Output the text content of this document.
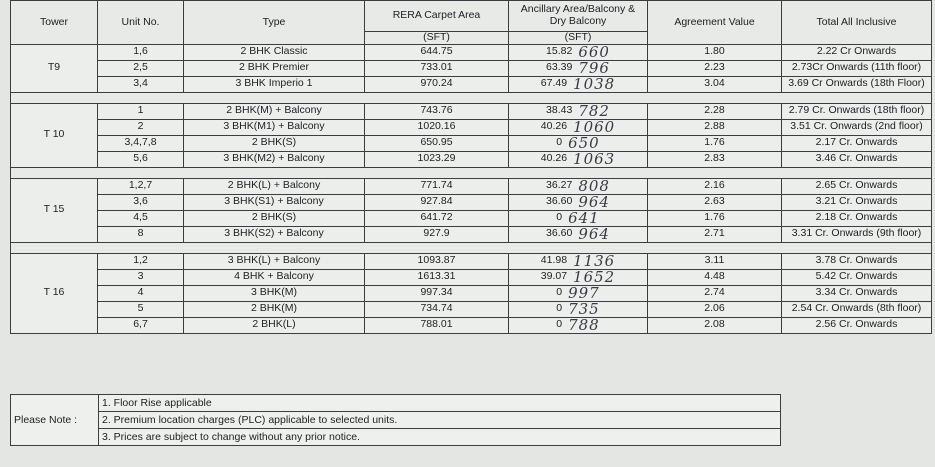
Tower	Unit No.	Type	RERA Carpet Area	Ancillary Area/Balcony & Dry Balcony	Agreement Value	Total All Inclusive
			(SFT)	(SFT)		
T9	1,6	2 BHK Classic	644.75	15.82 660	1.80	2.22 Cr Onwards
	2,5	2 BHK Premier	733.01	63.39 796	2.23	2.73Cr Onwards (11th floor)
	3,4	3 BHK Imperio 1	970.24	67.49 1038	3.04	3.69 Cr Onwards (18th Floor)

T 10	1	2 BHK(M) + Balcony	743.76	38.43 782	2.28	2.79 Cr. Onwards (18th floor)
	2	3 BHK(M1) + Balcony	1020.16	40.26 1060	2.88	3.51 Cr. Onwards (2nd floor)
	3,4,7,8	2 BHK(S)	650.95	0 650	1.76	2.17 Cr. Onwards
	5,6	3 BHK(M2) + Balcony	1023.29	40.26 1063	2.83	3.46 Cr. Onwards

T 15	1,2,7	2 BHK(L) + Balcony	771.74	36.27 808	2.16	2.65 Cr. Onwards
	3,6	3 BHK(S1) + Balcony	927.84	36.60 964	2.63	3.21 Cr. Onwards
	4,5	2 BHK(S)	641.72	0 641	1.76	2.18 Cr. Onwards
	8	3 BHK(S2) + Balcony	927.9	36.60 964	2.71	3.31 Cr. Onwards (9th floor)

T 16	1,2	3 BHK(L) + Balcony	1093.87	41.98 1136	3.11	3.78 Cr. Onwards
	3	4 BHK + Balcony	1613.31	39.07 1652	4.48	5.42 Cr. Onwards
	4	3 BHK(M)	997.34	0 997	2.74	3.34 Cr. Onwards
	5	2 BHK(M)	734.74	0 735	2.06	2.54 Cr. Onwards (8th floor)
	6,7	2 BHK(L)	788.01	0 788	2.08	2.56 Cr. Onwards
Please Note :	1. Floor Rise applicable
2. Premium location charges (PLC) applicable to selected units.
3. Prices are subject to change without any prior notice.
